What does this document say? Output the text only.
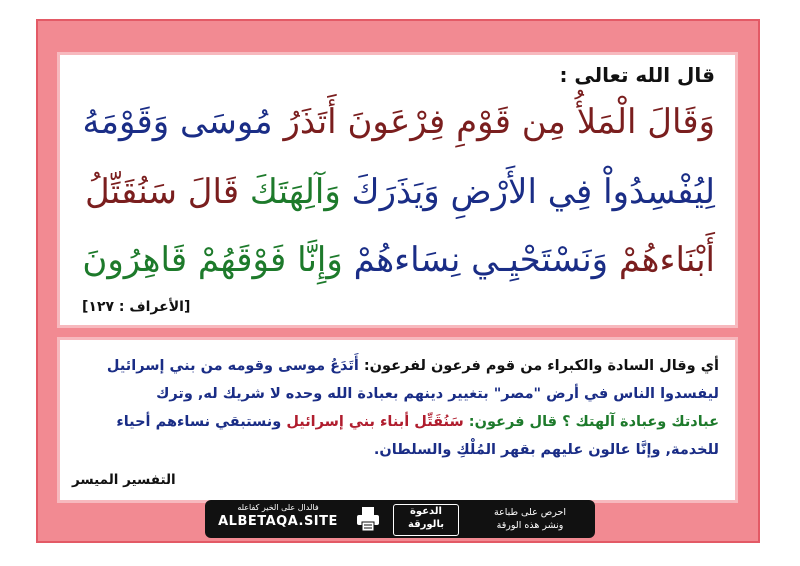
قال الله تعالى :
وَقَالَ الْمَلأُ مِن قَوْمِ فِرْعَونَ أَتَذَرُ مُوسَى وَقَوْمَهُ
لِيُفْسِدُواْ فِي الأَرْضِ وَيَذَرَكَ وَآلِهَتَكَ قَالَ سَنُقَتِّلُ
أَبْنَاءهُمْ وَنَسْتَحْيِـي نِسَاءهُمْ وَإِنَّا فَوْقَهُمْ قَاهِرُونَ
[الأعراف : ١٢٧]
أي وقال السادة والكبراء من قوم فرعون لفرعون: أَتَدَعُ موسى وقومه من بني إسرائيل
ليفسدوا الناس في أرض "مصر" بتغيير دينهم بعبادة الله وحده لا شريك له, وترك
عبادتك وعبادة آلهتك ؟ قال فرعون: سَنُقَتِّل أبناء بني إسرائيل ونستبقي نساءهم أحياء
للخدمة, وإنَّا عالون عليهم بقهر المُلْكِ والسلطان.
التفسير الميسر
فالدال على الخير كفاعله
ALBETAQA.SITE
الدعوة
بالورقة
احرص على طباعة
ونشر هذه الورقة
